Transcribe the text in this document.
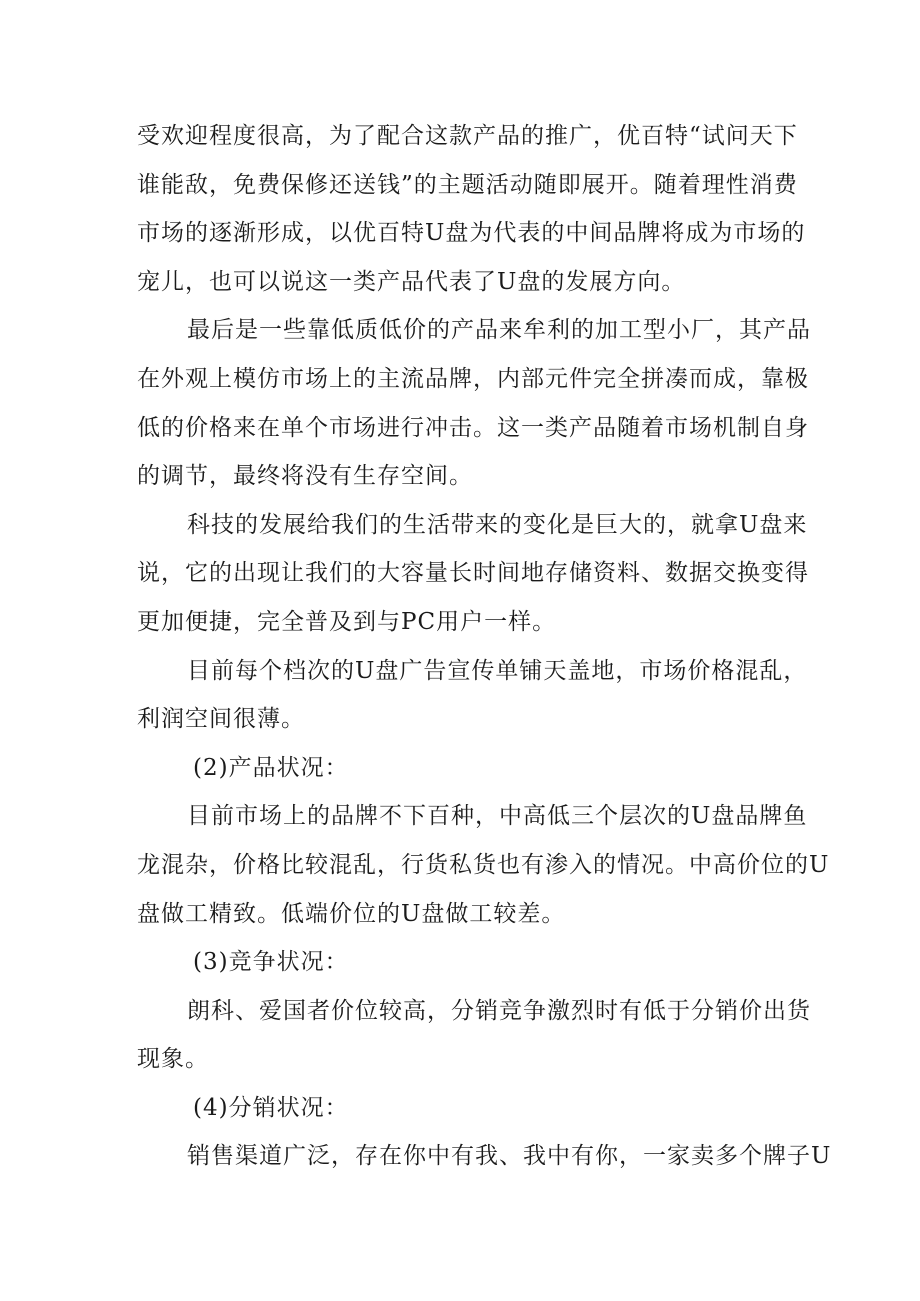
受欢迎程度很高，为了配合这款产品的推广，优百特“试问天下
谁能敌，免费保修还送钱”的主题活动随即展开。随着理性消费
市场的逐渐形成，以优百特U盘为代表的中间品牌将成为市场的
宠儿，也可以说这一类产品代表了U盘的发展方向。
最后是一些靠低质低价的产品来牟利的加工型小厂，其产品
在外观上模仿市场上的主流品牌，内部元件完全拼凑而成，靠极
低的价格来在单个市场进行冲击。这一类产品随着市场机制自身
的调节，最终将没有生存空间。
科技的发展给我们的生活带来的变化是巨大的，就拿U盘来
说，它的出现让我们的大容量长时间地存储资料、数据交换变得
更加便捷，完全普及到与PC用户一样。
目前每个档次的U盘广告宣传单铺天盖地，市场价格混乱，
利润空间很薄。
(2)产品状况：
目前市场上的品牌不下百种，中高低三个层次的U盘品牌鱼
龙混杂，价格比较混乱，行货私货也有渗入的情况。中高价位的U
盘做工精致。低端价位的U盘做工较差。
(3)竞争状况：
朗科、爱国者价位较高，分销竞争激烈时有低于分销价出货
现象。
(4)分销状况：
销售渠道广泛，存在你中有我、我中有你，一家卖多个牌子U
